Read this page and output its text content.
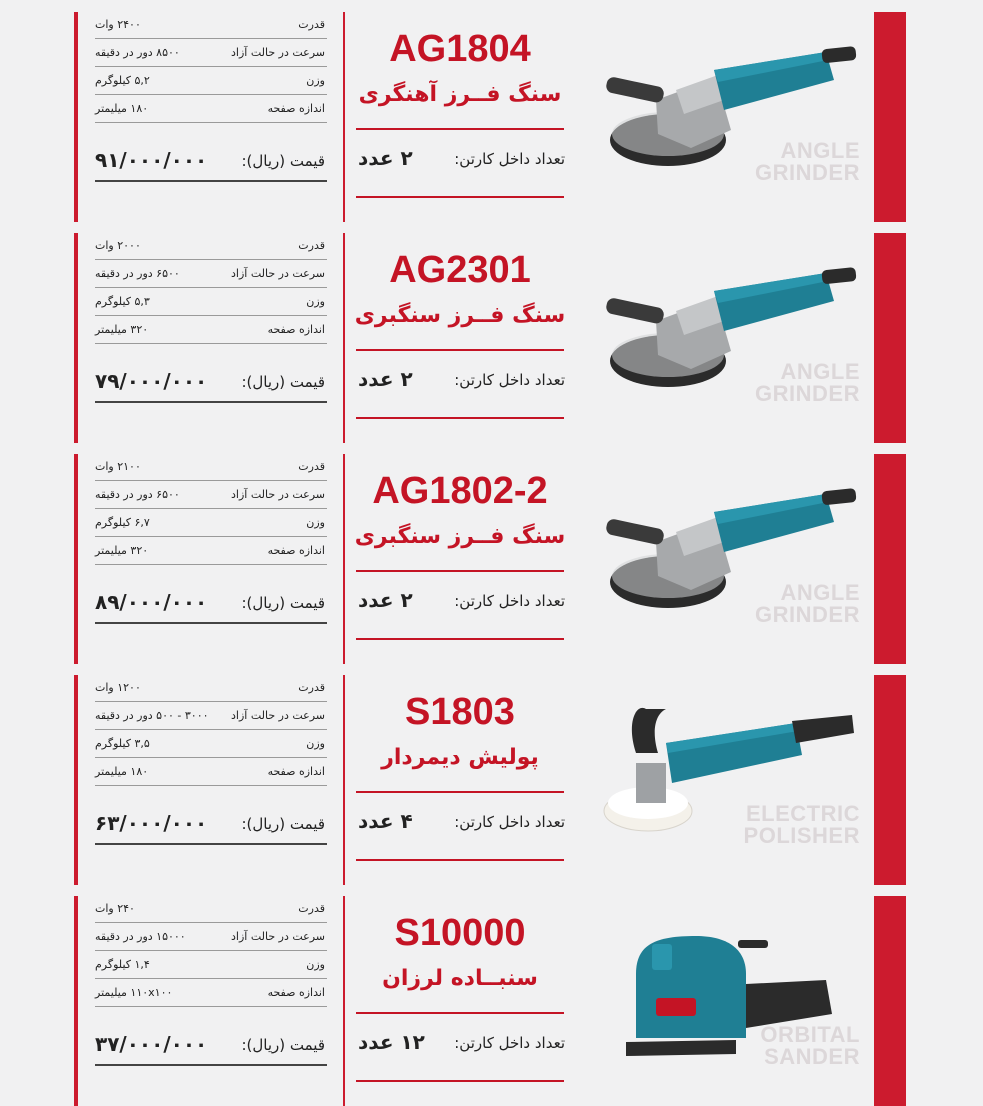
قدرت
۲۴۰۰ وات
سرعت در حالت آزاد
۸۵۰۰ دور در دقیقه
وزن
۵,۲ کیلوگرم
اندازه صفحه
۱۸۰ میلیمتر
قیمت (ریال):
۹۱/۰۰۰/۰۰۰
AG1804
سنگ فــرز آهنگری
تعداد داخل کارتن:
۲ عدد	ANGLE
GRINDER
قدرت
۲۰۰۰ وات
سرعت در حالت آزاد
۶۵۰۰ دور در دقیقه
وزن
۵,۳ کیلوگرم
اندازه صفحه
۳۲۰ میلیمتر
قیمت (ریال):
۷۹/۰۰۰/۰۰۰
AG2301
سنگ فــرز سنگبری
تعداد داخل کارتن:
۲ عدد	ANGLE
GRINDER
قدرت
۲۱۰۰ وات
سرعت در حالت آزاد
۶۵۰۰ دور در دقیقه
وزن
۶,۷ کیلوگرم
اندازه صفحه
۳۲۰ میلیمتر
قیمت (ریال):
۸۹/۰۰۰/۰۰۰
AG1802-2
سنگ فــرز سنگبری
تعداد داخل کارتن:
۲ عدد	ANGLE
GRINDER
قدرت
۱۲۰۰ وات
سرعت در حالت آزاد
۳۰۰۰ - ۵۰۰ دور در دقیقه
وزن
۳,۵ کیلوگرم
اندازه صفحه
۱۸۰ میلیمتر
قیمت (ریال):
۶۳/۰۰۰/۰۰۰
S1803
پولیش دیمردار
تعداد داخل کارتن:
۴ عدد	ELECTRIC
POLISHER
قدرت
۲۴۰ وات
سرعت در حالت آزاد
۱۵۰۰۰ دور در دقیقه
وزن
۱,۴ کیلوگرم
اندازه صفحه
۱۱۰x۱۰۰ میلیمتر
قیمت (ریال):
۳۷/۰۰۰/۰۰۰
S10000
سنبــاده لرزان
تعداد داخل کارتن:
۱۲ عدد	ORBITAL
SANDER
